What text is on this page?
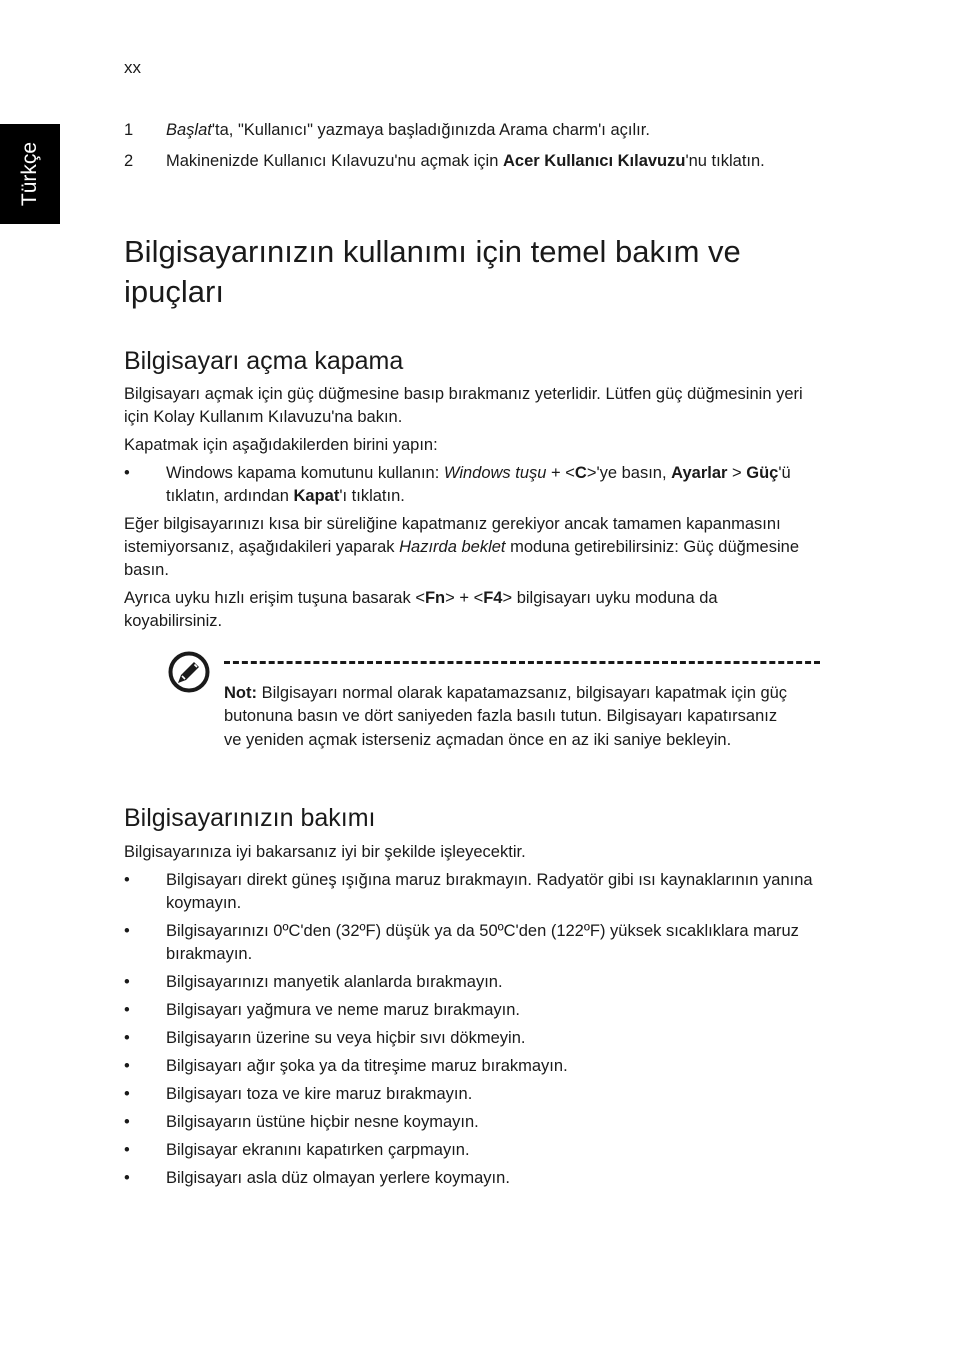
xx
Türkçe
1	Başlat'ta, "Kullanıcı" yazmaya başladığınızda Arama charm'ı açılır.
2	Makinenizde Kullanıcı Kılavuzu'nu açmak için Acer Kullanıcı Kılavuzu'nu tıklatın.
Bilgisayarınızın kullanımı için temel bakım ve ipuçları
Bilgisayarı açma kapama

Bilgisayarı açmak için güç düğmesine basıp bırakmanız yeterlidir. Lütfen güç düğmesinin yeri için Kolay Kullanım Kılavuzu'na bakın.

Kapatmak için aşağıdakilerden birini yapın:

•	Windows kapama komutunu kullanın: Windows tuşu + <C>'ye basın, Ayarlar > Güç'ü tıklatın, ardından Kapat'ı tıklatın.

Eğer bilgisayarınızı kısa bir süreliğine kapatmanız gerekiyor ancak tamamen kapanmasını istemiyorsanız, aşağıdakileri yaparak Hazırda beklet moduna getirebilirsiniz: Güç düğmesine basın.

Ayrıca uyku hızlı erişim tuşuna basarak <Fn> + <F4> bilgisayarı uyku moduna da koyabilirsiniz.

Not: Bilgisayarı normal olarak kapatamazsanız, bilgisayarı kapatmak için güç butonuna basın ve dört saniyeden fazla basılı tutun. Bilgisayarı kapatırsanız ve yeniden açmak isterseniz açmadan önce en az iki saniye bekleyin.
Bilgisayarınızın bakımı

Bilgisayarınıza iyi bakarsanız iyi bir şekilde işleyecektir.

•	Bilgisayarı direkt güneş ışığına maruz bırakmayın. Radyatör gibi ısı kaynaklarının yanına koymayın.
•	Bilgisayarınızı 0ºC'den (32ºF) düşük ya da 50ºC'den (122ºF) yüksek sıcaklıklara maruz bırakmayın.
•	Bilgisayarınızı manyetik alanlarda bırakmayın.
•	Bilgisayarı yağmura ve neme maruz bırakmayın.
•	Bilgisayarın üzerine su veya hiçbir sıvı dökmeyin.
•	Bilgisayarı ağır şoka ya da titreşime maruz bırakmayın.
•	Bilgisayarı toza ve kire maruz bırakmayın.
•	Bilgisayarın üstüne hiçbir nesne koymayın.
•	Bilgisayar ekranını kapatırken çarpmayın.
•	Bilgisayarı asla düz olmayan yerlere koymayın.
